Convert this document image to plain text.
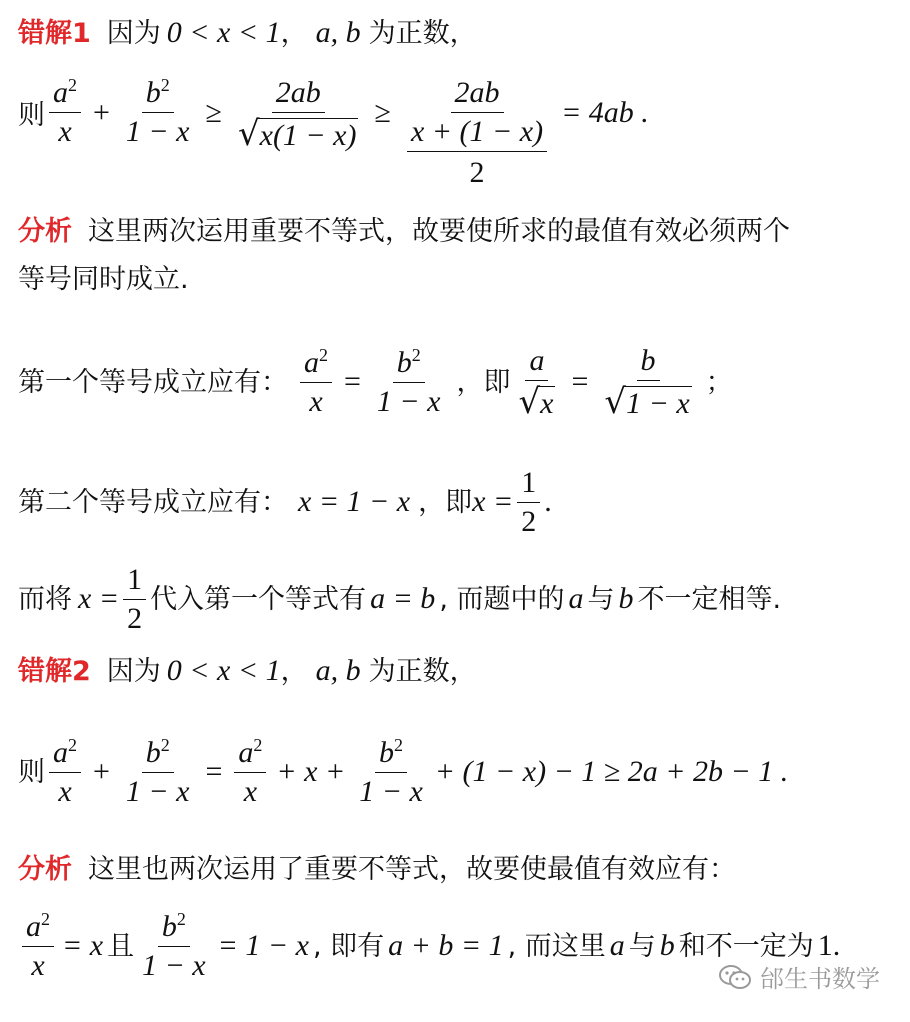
错解1 因为 0 < x < 1 ， a, b 为正数，
则 $\frac{a^2}{x} + \frac{b^2}{1 - x} \ge \frac{2ab}{√ x(1 - x)} \ge 2ab$
x + (1 − x)
2 = 4ab .
分析 这里两次运用重要不等式，故要使所求的最值有效必须两个
等号同时成立.
第一个等号成立应有： $\frac{a^2}{x} = \frac{b^2}{1 - x}$ ，即 $\frac{a}{√ x} = \frac{b}{√ 1 - x}$ ；
第二个等号成立应有： x = 1 − x ，即 $x = \frac{1}{2}$ .
而将 $x = \frac{1}{2}$ 代入第一个等式有 a = b , 而题中的 a 与 b 不一定相等.
错解2 因为 0 < x < 1 ， a, b 为正数，
则 $\frac{a^2}{x} + \frac{b^2}{1 - x} = \frac{a^2}{x} + x + \frac{b^2}{1 - x} + (1 - x) - 1 \ge 2a + 2b - 1$ .
分析 这里也两次运用了重要不等式，故要使最值有效应有：
$\frac{a^2}{x} = x$ 且 $\frac{b^2}{1 - x} = 1 - x$ , 即有 a + b = 1 , 而这里 a 与 b 和不一定为 1.
邰生书数学
